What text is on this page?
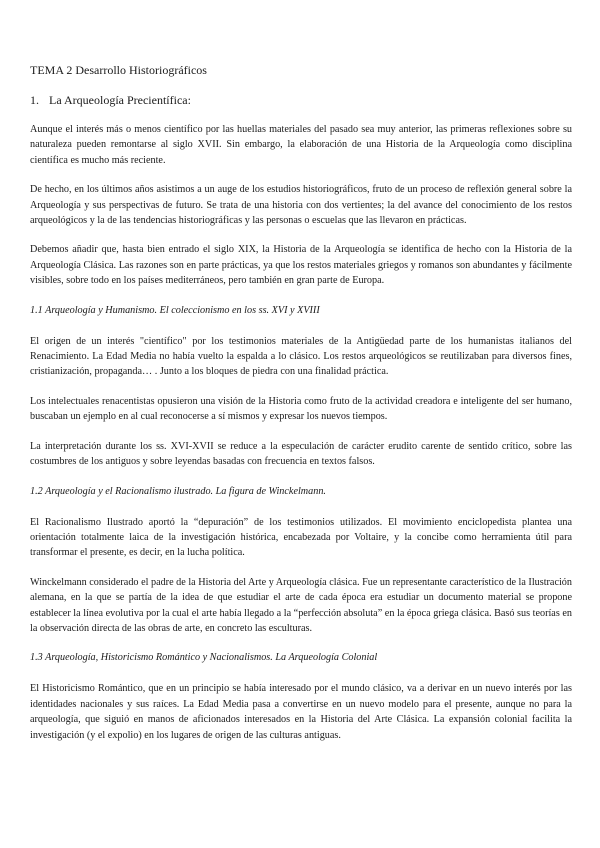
TEMA 2 Desarrollo Historiográficos
1. La Arqueología Precientífica:

Aunque el interés más o menos científico por las huellas materiales del pasado sea muy anterior, las primeras reflexiones sobre su naturaleza pueden remontarse al siglo XVII. Sin embargo, la elaboración de una Historia de la Arqueología como disciplina científica es mucho más reciente.

De hecho, en los últimos años asistimos a un auge de los estudios historiográficos, fruto de un proceso de reflexión general sobre la Arqueología y sus perspectivas de futuro. Se trata de una historia con dos vertientes; la del avance del conocimiento de los restos arqueológicos y la de las tendencias historiográficas y las personas o escuelas que las llevaron en prácticas.

Debemos añadir que, hasta bien entrado el siglo XIX, la Historia de la Arqueología se identifica de hecho con la Historia de la Arqueología Clásica. Las razones son en parte prácticas, ya que los restos materiales griegos y romanos son abundantes y fácilmente visibles, sobre todo en los países mediterráneos, pero también en gran parte de Europa.

1.1 Arqueología y Humanismo. El coleccionismo en los ss. XVI y XVIII

El origen de un interés "científico" por los testimonios materiales de la Antigüedad parte de los humanistas italianos del Renacimiento. La Edad Media no había vuelto la espalda a lo clásico. Los restos arqueológicos se reutilizaban para diversos fines, cristianización, propaganda… . Junto a los bloques de piedra con una finalidad práctica.

Los intelectuales renacentistas opusieron una visión de la Historia como fruto de la actividad creadora e inteligente del ser humano, buscaban un ejemplo en al cual reconocerse a sí mismos y expresar los nuevos tiempos.

La interpretación durante los ss. XVI-XVII se reduce a la especulación de carácter erudito carente de sentido crítico, sobre las costumbres de los antiguos y sobre leyendas basadas con frecuencia en textos falsos.

1.2 Arqueología y el Racionalismo ilustrado. La figura de Winckelmann.

El Racionalismo Ilustrado aportó la “depuración” de los testimonios utilizados. El movimiento enciclopedista plantea una orientación totalmente laica de la investigación histórica, encabezada por Voltaire, y la concibe como herramienta útil para transformar el presente, es decir, en la lucha política.

Winckelmann considerado el padre de la Historia del Arte y Arqueología clásica. Fue un representante característico de la Ilustración alemana, en la que se partía de la idea de que estudiar el arte de cada época era estudiar un documento material se propone establecer la línea evolutiva por la cual el arte había llegado a la “perfección absoluta” en la época griega clásica. Basó sus teorías en la observación directa de las obras de arte, en concreto las esculturas.

1.3 Arqueología, Historicismo Romántico y Nacionalismos. La Arqueología Colonial

El Historicismo Romántico, que en un principio se había interesado por el mundo clásico, va a derivar en un nuevo interés por las identidades nacionales y sus raíces. La Edad Media pasa a convertirse en un nuevo modelo para el presente, aunque no para la arqueología, que siguió en manos de aficionados interesados en la Historia del Arte Clásica. La expansión colonial facilita la investigación (y el expolio) en los lugares de origen de las culturas antiguas.
